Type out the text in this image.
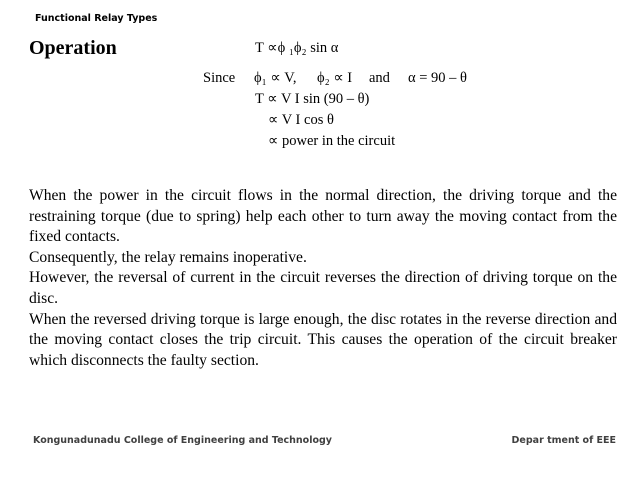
Functional Relay Types
Operation	T ∝ϕ ₁ϕ₂ sin α
Since ϕ₁ ∝ V, ϕ₂ ∝ I and α = 90 – θ
T ∝ V I sin (90 – θ)
∝ V I cos θ
∝ power in the circuit

When the power in the circuit flows in the normal direction, the driving torque and the restraining torque (due to spring) help each other to turn away the moving contact from the fixed contacts.

Consequently, the relay remains inoperative.

However, the reversal of current in the circuit reverses the direction of driving torque on the disc.

When the reversed driving torque is large enough, the disc rotates in the reverse direction and the moving contact closes the trip circuit. This causes the operation of the circuit breaker which disconnects the faulty section.

Kongunadunadu College of Engineering and Technology	Depar tment of EEE
